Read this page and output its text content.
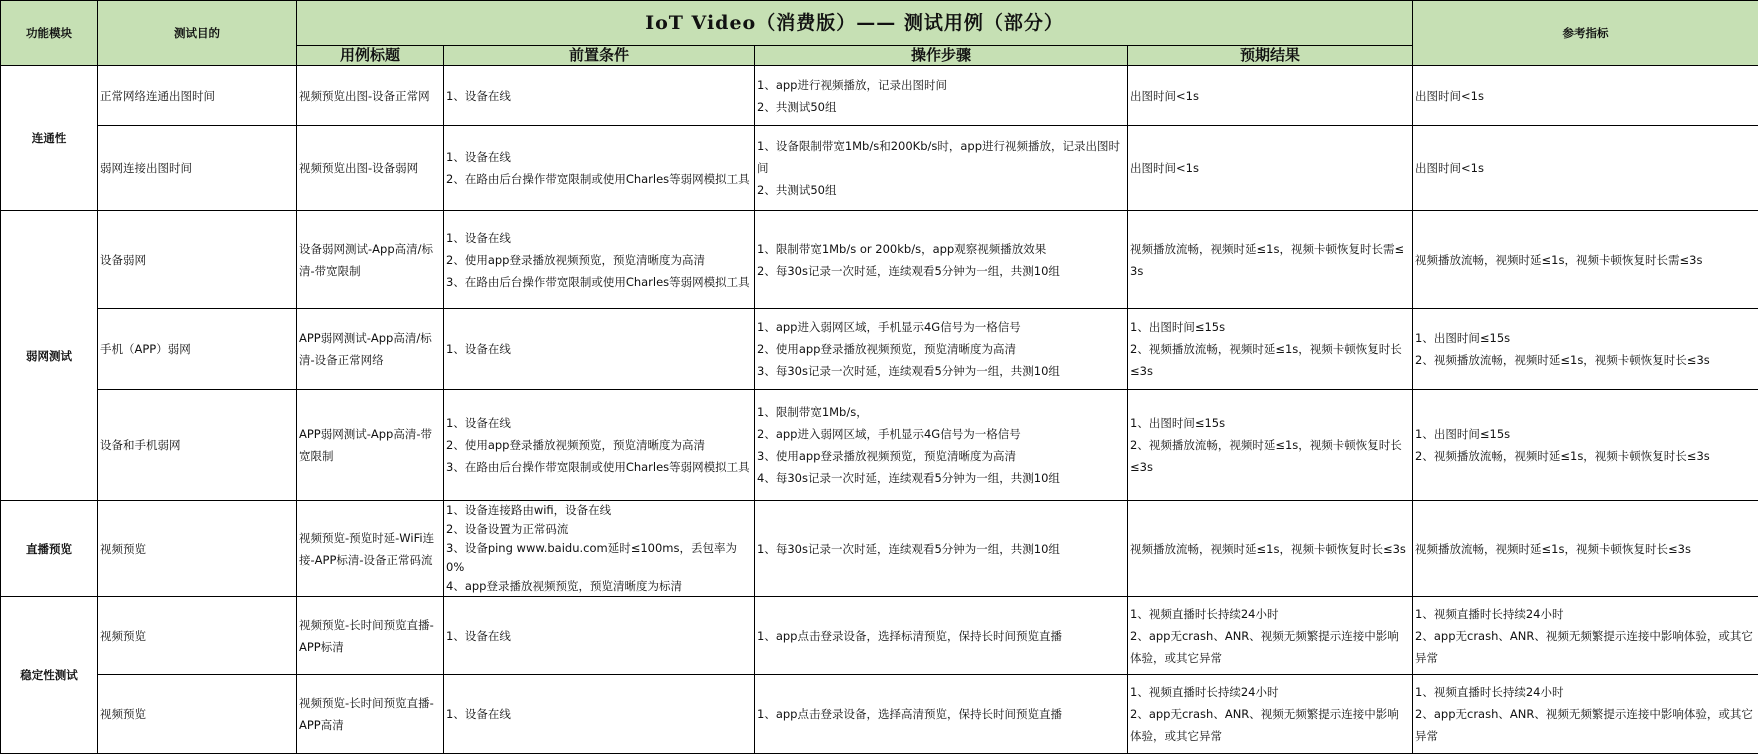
功能模块	测试目的	IoT Video（消费版）—— 测试用例（部分）				参考指标
		用例标题	前置条件	操作步骤	预期结果	
连通性	正常网络连通出图时间	视频预览出图-设备正常网	1、设备在线	1、app进行视频播放，记录出图时间
2、共测试50组	出图时间<1s	出图时间<1s

	弱网连接出图时间	视频预览出图-设备弱网	1、设备在线
2、在路由后台操作带宽限制或使用Charles等弱网模拟工具	1、设备限制带宽1Mb/s和200Kb/s时，app进行视频播放，记录出图时间
2、共测试50组	出图时间<1s	出图时间<1s

弱网测试	设备弱网	设备弱网测试-App高清/标清-带宽限制	1、设备在线
2、使用app登录播放视频预览，预览清晰度为高清
3、在路由后台操作带宽限制或使用Charles等弱网模拟工具	1、限制带宽1Mb/s or 200kb/s，app观察视频播放效果
2、每30s记录一次时延，连续观看5分钟为一组，共测10组	视频播放流畅，视频时延≤1s，视频卡顿恢复时长需≤3s	视频播放流畅，视频时延≤1s，视频卡顿恢复时长需≤3s

	手机（APP）弱网	APP弱网测试-App高清/标清-设备正常网络	1、设备在线	1、app进入弱网区域，手机显示4G信号为一格信号
2、使用app登录播放视频预览，预览清晰度为高清
3、每30s记录一次时延，连续观看5分钟为一组，共测10组	1、出图时间≤15s
2、视频播放流畅，视频时延≤1s，视频卡顿恢复时长≤3s	1、出图时间≤15s
2、视频播放流畅，视频时延≤1s，视频卡顿恢复时长≤3s

	设备和手机弱网	APP弱网测试-App高清-带宽限制	1、设备在线
2、使用app登录播放视频预览，预览清晰度为高清
3、在路由后台操作带宽限制或使用Charles等弱网模拟工具	1、限制带宽1Mb/s，
2、app进入弱网区域，手机显示4G信号为一格信号
3、使用app登录播放视频预览，预览清晰度为高清
4、每30s记录一次时延，连续观看5分钟为一组，共测10组	1、出图时间≤15s
2、视频播放流畅，视频时延≤1s，视频卡顿恢复时长≤3s	1、出图时间≤15s
2、视频播放流畅，视频时延≤1s，视频卡顿恢复时长≤3s

直播预览	视频预览	视频预览-预览时延-WiFi连接-APP标清-设备正常码流	1、设备连接路由wifi，设备在线
2、设备设置为正常码流
3、设备ping www.baidu.com延时≤100ms，丢包率为0%
4、app登录播放视频预览，预览清晰度为标清	1、每30s记录一次时延，连续观看5分钟为一组，共测10组	视频播放流畅，视频时延≤1s，视频卡顿恢复时长≤3s	视频播放流畅，视频时延≤1s，视频卡顿恢复时长≤3s

稳定性测试	视频预览	视频预览-长时间预览直播-APP标清	1、设备在线	1、app点击登录设备，选择标清预览，保持长时间预览直播	1、视频直播时长持续24小时
2、app无crash、ANR、视频无频繁提示连接中影响体验，或其它异常	1、视频直播时长持续24小时
2、app无crash、ANR、视频无频繁提示连接中影响体验，或其它异常

	视频预览	视频预览-长时间预览直播-APP高清	1、设备在线	1、app点击登录设备，选择高清预览，保持长时间预览直播	1、视频直播时长持续24小时
2、app无crash、ANR、视频无频繁提示连接中影响体验，或其它异常	1、视频直播时长持续24小时
2、app无crash、ANR、视频无频繁提示连接中影响体验，或其它异常
